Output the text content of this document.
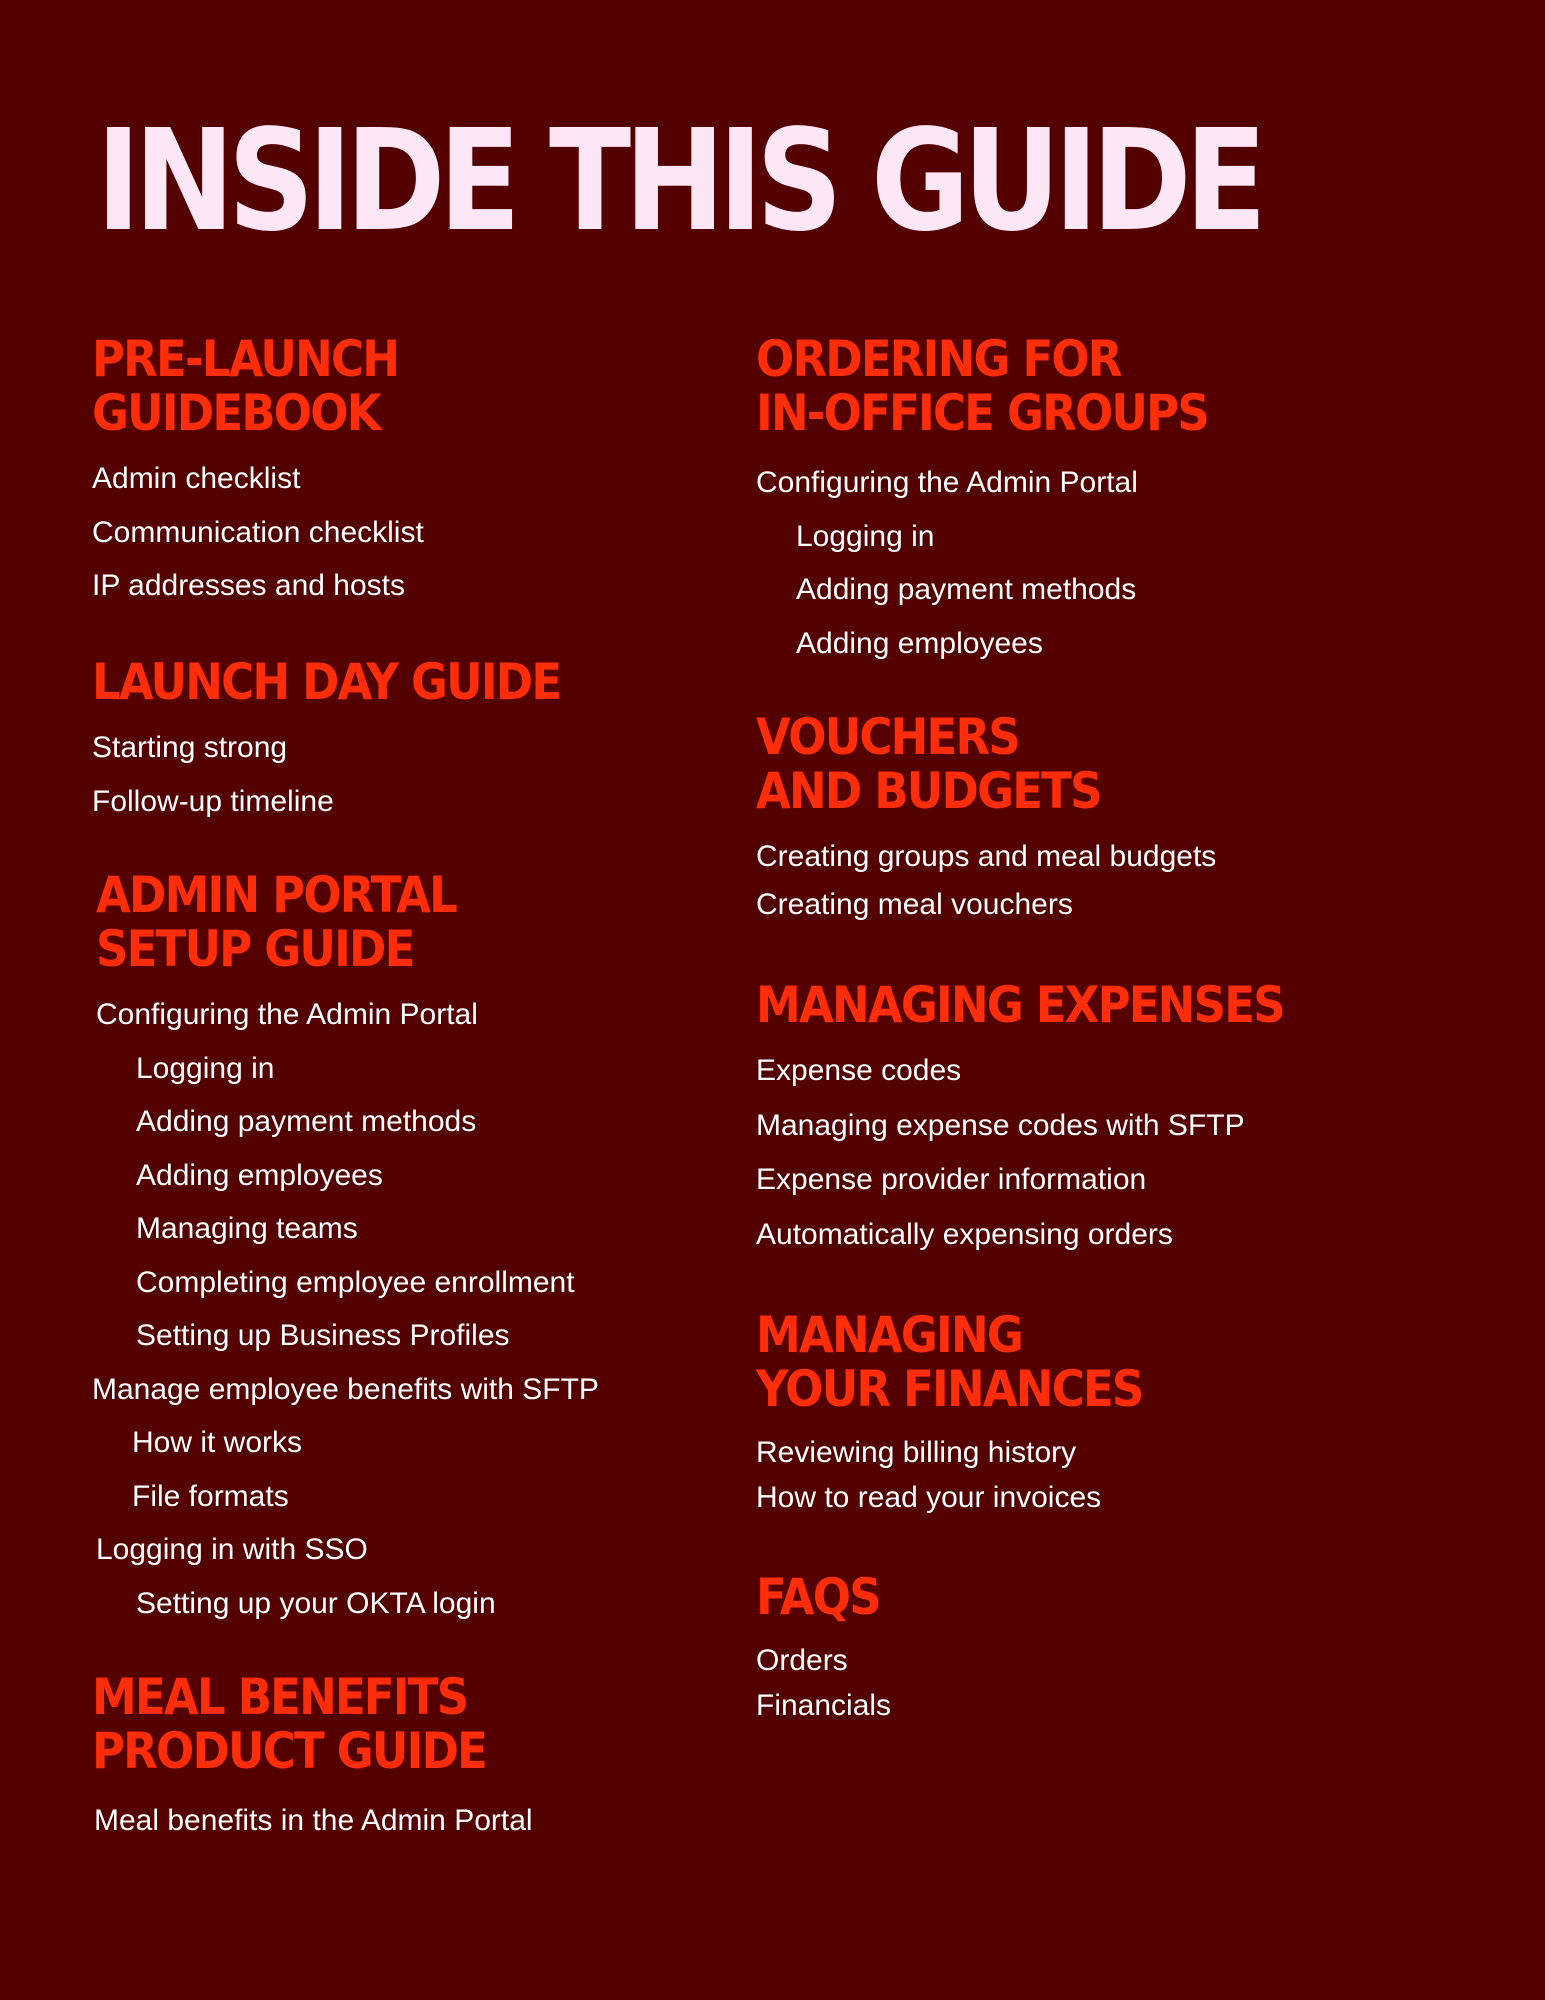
INSIDE THIS GUIDE
PRE-LAUNCH
GUIDEBOOK
Admin checklist
Communication checklist
IP addresses and hosts
LAUNCH DAY GUIDE
Starting strong
Follow-up timeline
ADMIN PORTAL
SETUP GUIDE
Configuring the Admin Portal
Logging in
Adding payment methods
Adding employees
Managing teams
Completing employee enrollment
Setting up Business Profiles
Manage employee benefits with SFTP
How it works
File formats
Logging in with SSO
Setting up your OKTA login
MEAL BENEFITS
PRODUCT GUIDE
Meal benefits in the Admin Portal
ORDERING FOR
IN-OFFICE GROUPS
Configuring the Admin Portal
Logging in
Adding payment methods
Adding employees
VOUCHERS
AND BUDGETS
Creating groups and meal budgets
Creating meal vouchers
MANAGING EXPENSES
Expense codes
Managing expense codes with SFTP
Expense provider information
Automatically expensing orders
MANAGING
YOUR FINANCES
Reviewing billing history
How to read your invoices
FAQS
Orders
Financials
